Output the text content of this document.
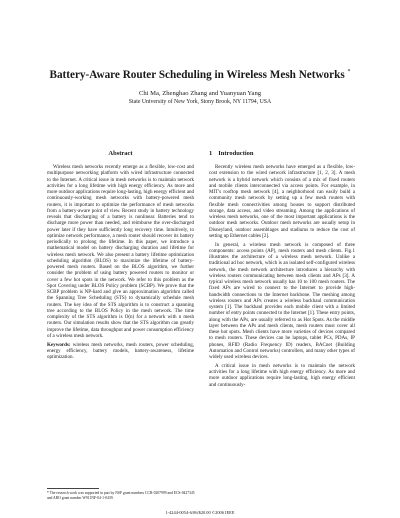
Battery-Aware Router Scheduling in Wireless Mesh Networks *
Chi Ma, Zhenghao Zhang and Yuanyuan Yang
State University of New York, Stony Brook, NY 11794, USA
Abstract

Wireless mesh networks recently emerge as a flexible, low-cost and multipurpose networking platform with wired infrastructure connected to the Internet. A critical issue in mesh networks is to maintain network activities for a long lifetime with high energy efficiency. As more and more outdoor applications require long-lasting, high energy efficient and continuously-working mesh networks with battery-powered mesh routers, it is important to optimize the performance of mesh networks from a battery-aware point of view. Recent study in battery technology reveals that discharging of a battery is nonlinear. Batteries tend to discharge more power than needed, and reimburse the over-discharged power later if they have sufficiently long recovery time. Intuitively, to optimize network performance, a mesh router should recover its battery periodically to prolong the lifetime. In this paper, we introduce a mathematical model on battery discharging duration and lifetime for wireless mesh network. We also present a battery lifetime optimization scheduling algorithm (BLOS) to maximize the lifetime of battery-powered mesh routers. Based on the BLOS algorithm, we further consider the problem of using battery powered routers to monitor or cover a few hot spots in the network. We refer to this problem as the Spot Covering under BLOS Policy problem (SCBP). We prove that the SCBP problem is NP-hard and give an approximation algorithm called the Spanning Tree Scheduling (STS) to dynamically schedule mesh routers. The key idea of the STS algorithm is to construct a spanning tree according to the BLOS Policy in the mesh network. The time complexity of the STS algorithm is O(n) for a network with n mesh routers. Our simulation results show that the STS algorithm can greatly improve the lifetime, data throughput and power consumption efficiency of a wireless mesh network.

Keywords: wireless mesh networks, mesh routers, power scheduling, energy efficiency, battery models, battery-awareness, lifetime optimization.

1 Introduction

Recently wireless mesh networks have emerged as a flexible, low-cost extension to the wired network infrastructure [1, 2, 3]. A mesh network is a hybrid network which consists of a mix of fixed routers and mobile clients interconnected via access points. For example, in MIT's rooftop mesh network [4], a neighborhood can easily build a community mesh network by setting up a few mesh routers with flexible mesh connectivities among houses to support distributed storage, data access, and video streaming. Among the applications of wireless mesh networks, one of the most important applications is the outdoor mesh networks. Outdoor mesh networks are usually setup in Disneyland, outdoor assemblages and stadiums to reduce the cost of setting up Ethernet cables [2].

In general, a wireless mesh network is composed of three components: access points (AP), mesh routers and mesh clients. Fig.1 illustrates the architecture of a wireless mesh network. Unlike a traditional ad hoc network, which is an isolated self-configured wireless network, the mesh network architecture introduces a hierarchy with wireless routers communicating between mesh clients and APs [3]. A typical wireless mesh network usually has 10 to 100 mesh routers. The fixed APs are wired to connect to the Internet to provide high-bandwidth connections to the Internet backbone. The meshing among wireless routers and APs creates a wireless backhaul communication system [1]. The backhaul provides each mobile client with a limited number of entry points connected to the Internet [1]. These entry points, along with the APs, are usually referred to as Hot Spots. As the middle layer between the APs and mesh clients, mesh routers must cover all these hot spots. Mesh clients have more varieties of devices compared to mesh routers. These devices can be laptops, tablet PCs, PDAs, IP phones, RFID (Radio Frequency ID) readers, BACnet (Building Automation and Control networks) controllers, and many other types of widely used wireless devices.

A critical issue in mesh networks is to maintain the network activities for a long lifetime with high energy efficiency. As more and more outdoor applications require long-lasting, high energy efficient and continuously-

* The research work was supported in part by NSF grant numbers CCR-0207999 and ECS-0427345 and ARO grant number W911NF-04-1-0439.
1-4244-0054-6/06/$20.00 ©2006 IEEE
